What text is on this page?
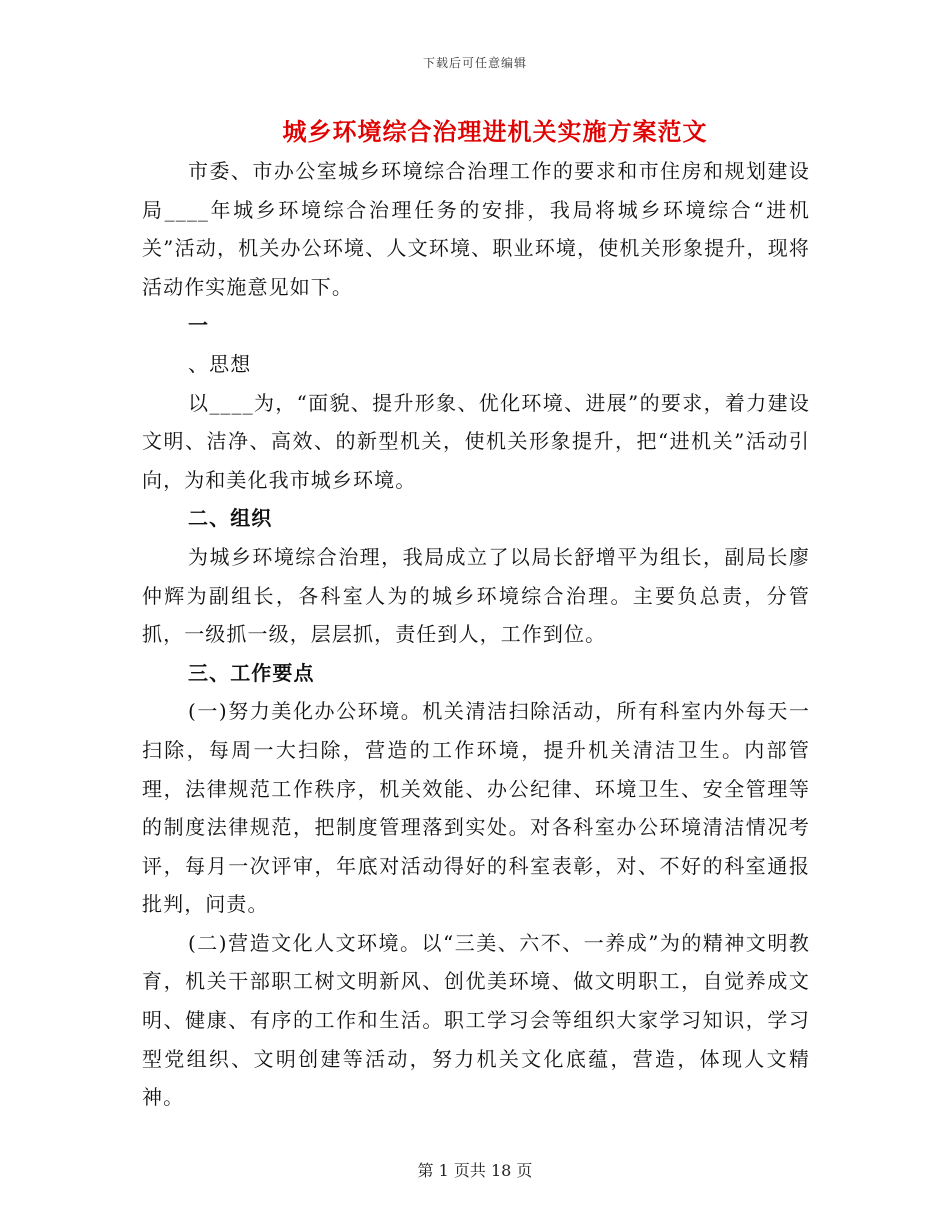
下载后可任意编辑
城乡环境综合治理进机关实施方案范文

市委、市办公室城乡环境综合治理工作的要求和市住房和规划建设局____年城乡环境综合治理任务的安排，我局将城乡环境综合“进机关”活动，机关办公环境、人文环境、职业环境，使机关形象提升，现将活动作实施意见如下。

一

、思想

以____为，“面貌、提升形象、优化环境、进展”的要求，着力建设文明、洁净、高效、的新型机关，使机关形象提升，把“进机关”活动引向，为和美化我市城乡环境。

二、组织

为城乡环境综合治理，我局成立了以局长舒增平为组长，副局长廖仲辉为副组长，各科室人为的城乡环境综合治理。主要负总责，分管抓，一级抓一级，层层抓，责任到人，工作到位。

三、工作要点

(一)努力美化办公环境。机关清洁扫除活动，所有科室内外每天一扫除，每周一大扫除，营造的工作环境，提升机关清洁卫生。内部管理，法律规范工作秩序，机关效能、办公纪律、环境卫生、安全管理等的制度法律规范，把制度管理落到实处。对各科室办公环境清洁情况考评，每月一次评审，年底对活动得好的科室表彰，对、不好的科室通报批判，问责。

(二)营造文化人文环境。以“三美、六不、一养成”为的精神文明教育，机关干部职工树文明新风、创优美环境、做文明职工，自觉养成文明、健康、有序的工作和生活。职工学习会等组织大家学习知识，学习型党组织、文明创建等活动，努力机关文化底蕴，营造，体现人文精神。

第 1 页共 18 页
